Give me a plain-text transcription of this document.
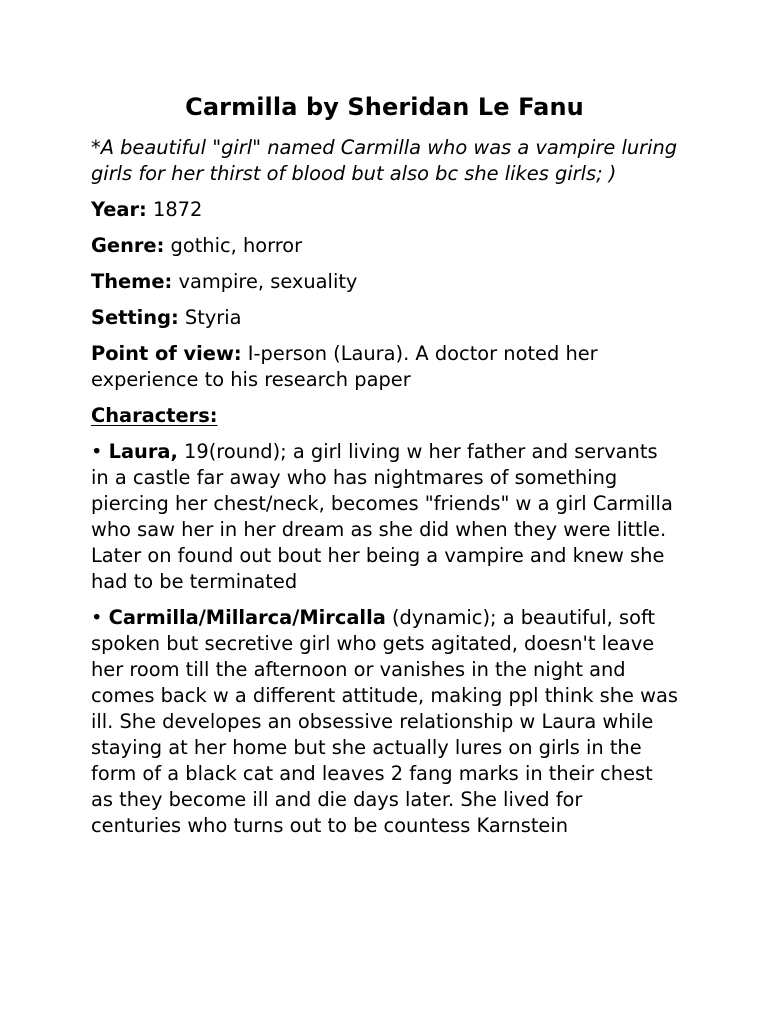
Carmilla by Sheridan Le Fanu

*A beautiful "girl" named Carmilla who was a vampire luring girls for her thirst of blood but also bc she likes girls; )

Year: 1872

Genre: gothic, horror

Theme: vampire, sexuality

Setting: Styria

Point of view: I-person (Laura). A doctor noted her experience to his research paper

Characters:

• Laura, 19(round); a girl living w her father and servants in a castle far away who has nightmares of something piercing her chest/neck, becomes "friends" w a girl Carmilla who saw her in her dream as she did when they were little. Later on found out bout her being a vampire and knew she had to be terminated

• Carmilla/Millarca/Mircalla (dynamic); a beautiful, soft spoken but secretive girl who gets agitated, doesn't leave her room till the afternoon or vanishes in the night and comes back w a different attitude, making ppl think she was ill. She developes an obsessive relationship w Laura while staying at her home but she actually lures on girls in the form of a black cat and leaves 2 fang marks in their chest as they become ill and die days later. She lived for centuries who turns out to be countess Karnstein
